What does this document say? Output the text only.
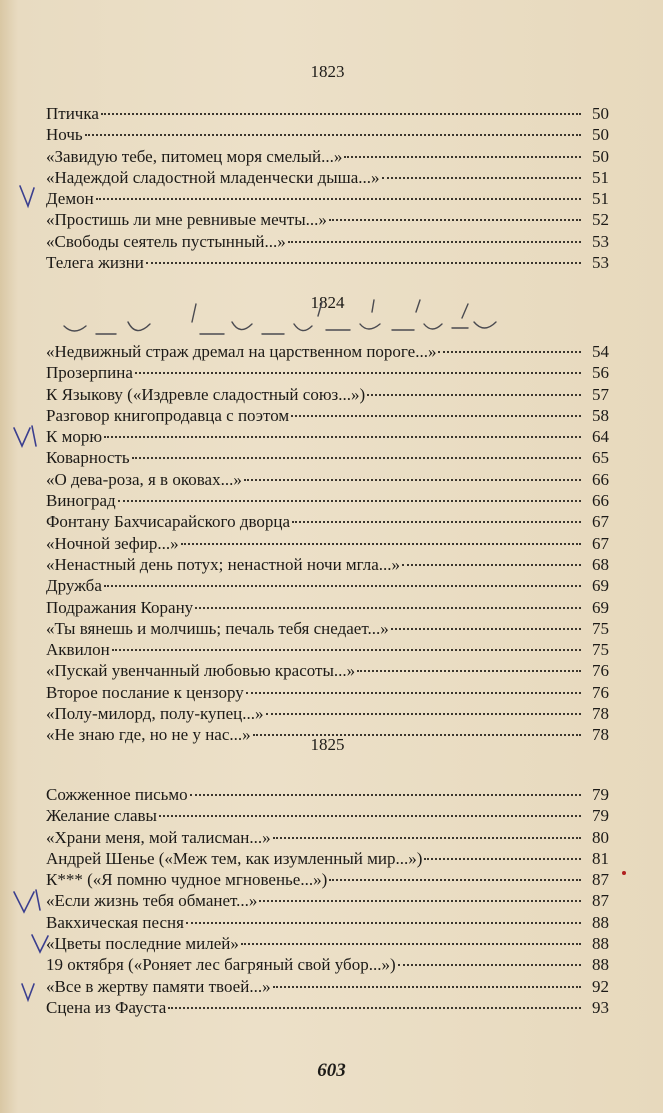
1823
Птичка	50
Ночь	50
«Завидую тебе, питомец моря смелый...»	50
«Надеждой сладостной младенчески дыша...»	51
Демон	51
«Простишь ли мне ревнивые мечты...»	52
«Свободы сеятель пустынный...»	53
Телега жизни	53
1824
«Недвижный страж дремал на царственном пороге...»	54
Прозерпина	56
К Языкову («Издревле сладостный союз...»)	57
Разговор книгопродавца с поэтом	58
К морю	64
Коварность	65
«О дева-роза, я в оковах...»	66
Виноград	66
Фонтану Бахчисарайского дворца	67
«Ночной зефир...»	67
«Ненастный день потух; ненастной ночи мгла...»	68
Дружба	69
Подражания Корану	69
«Ты вянешь и молчишь; печаль тебя снедает...»	75
Аквилон	75
«Пускай увенчанный любовью красоты...»	76
Второе послание к цензору	76
«Полу-милорд, полу-купец...»	78
«Не знаю где, но не у нас...»	78
1825
Сожженное письмо	79
Желание славы	79
«Храни меня, мой талисман...»	80
Андрей Шенье («Меж тем, как изумленный мир...»)	81
К*** («Я помню чудное мгновенье...»)	87
«Если жизнь тебя обманет...»	87
Вакхическая песня	88
«Цветы последние милей»	88
19 октября («Роняет лес багряный свой убор...»)	88
«Все в жертву памяти твоей...»	92
Сцена из Фауста	93
603
